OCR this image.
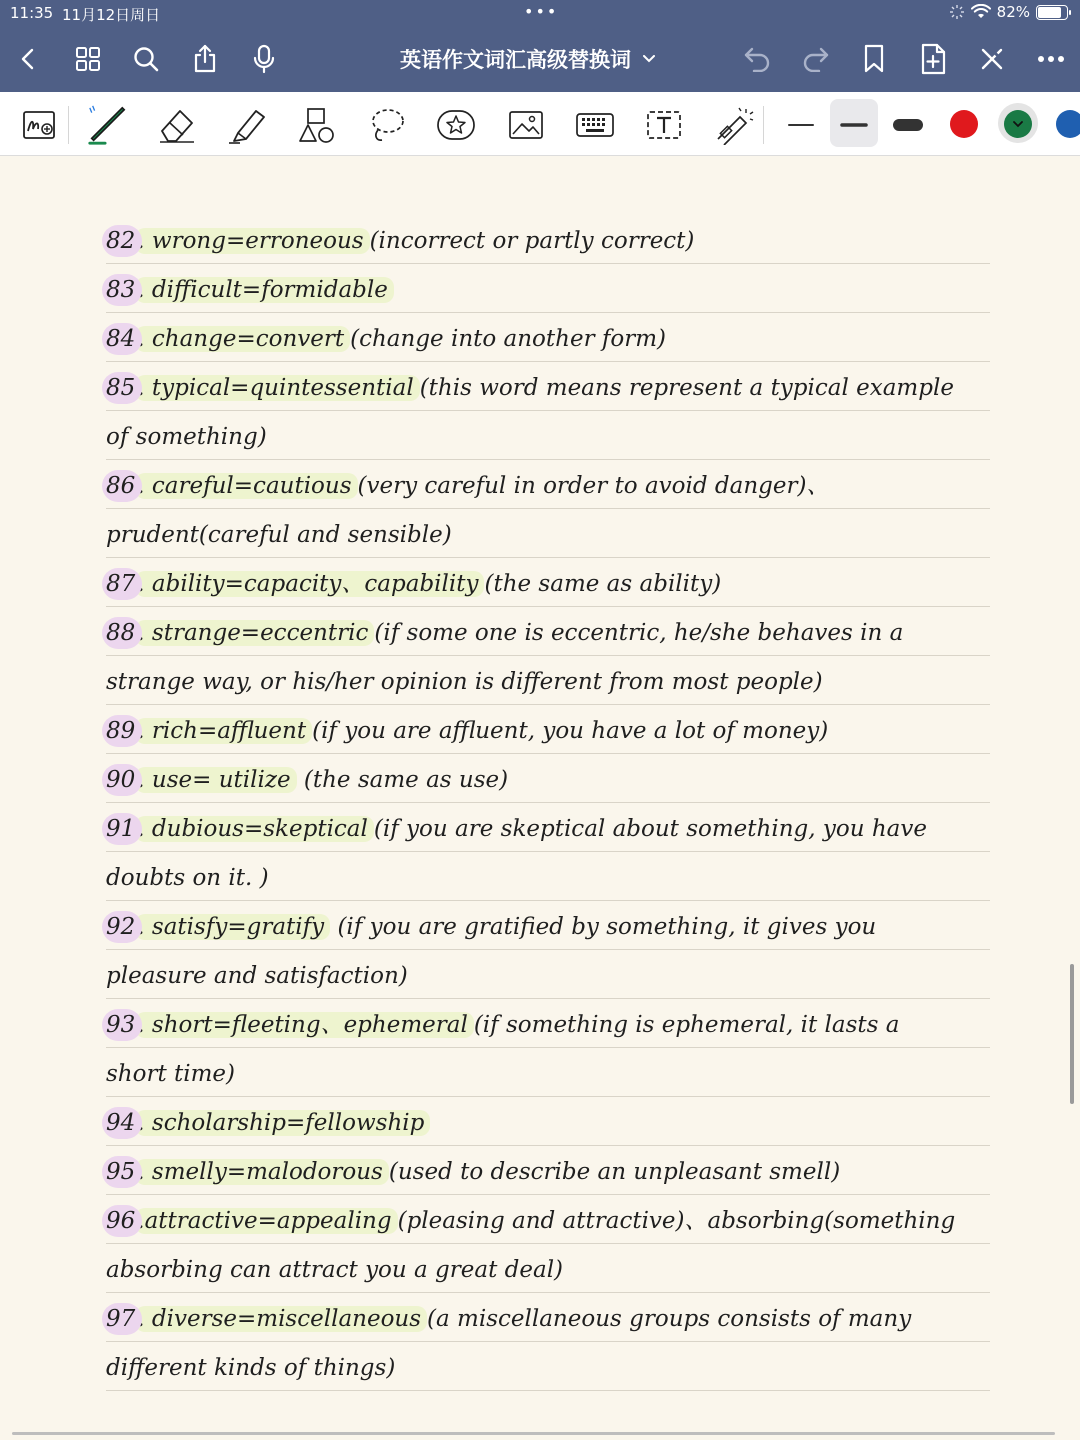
11:35 11月12日周日	•••	82%
英语作文词汇高级替换词
82. wrong=erroneous (incorrect or partly correct)
83. difficult=formidable
84. change=convert (change into another form)
85. typical=quintessential (this word means represent a typical example
of something)
86. careful=cautious (very careful in order to avoid danger)、
prudent(careful and sensible)
87. ability=capacity、capability (the same as ability)
88. strange=eccentric (if some one is eccentric, he/she behaves in a
strange way, or his/her opinion is different from most people)
89. rich=affluent (if you are affluent, you have a lot of money)
90. use= utilize (the same as use)
91. dubious=skeptical (if you are skeptical about something, you have
doubts on it. )
92. satisfy=gratify (if you are gratified by something, it gives you
pleasure and satisfaction)
93. short=fleeting、ephemeral (if something is ephemeral, it lasts a
short time)
94. scholarship=fellowship
95. smelly=malodorous (used to describe an unpleasant smell)
96.attractive=appealing (pleasing and attractive)、absorbing(something
absorbing can attract you a great deal)
97. diverse=miscellaneous (a miscellaneous groups consists of many
different kinds of things)
